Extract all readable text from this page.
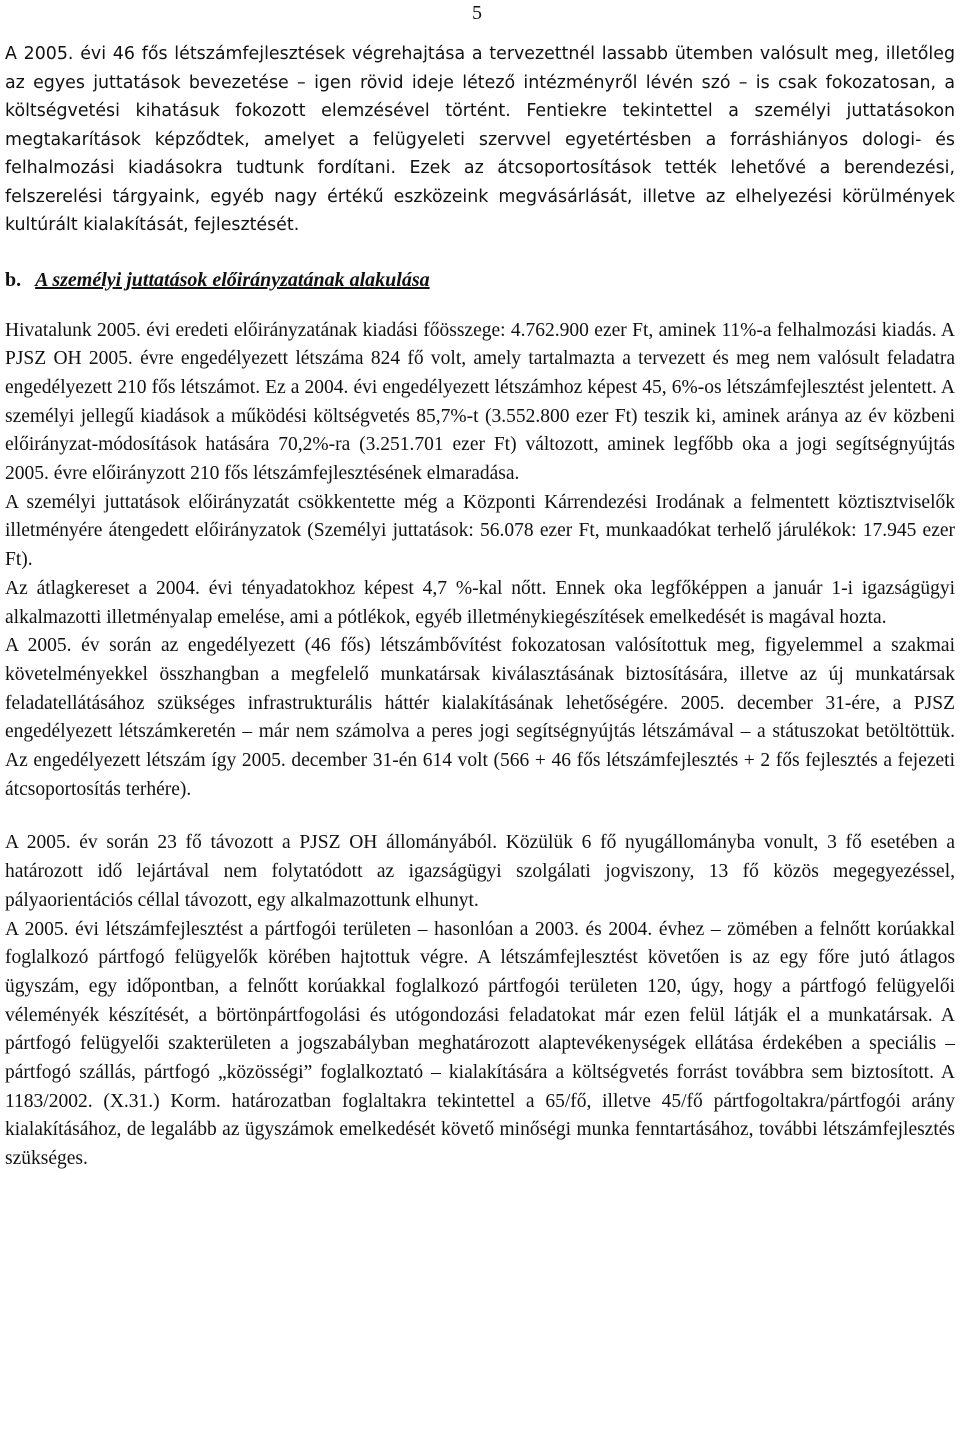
5

A 2005. évi 46 fős létszámfejlesztések végrehajtása a tervezettnél lassabb ütemben valósult meg, illetőleg az egyes juttatások bevezetése – igen rövid ideje létező intézményről lévén szó – is csak fokozatosan, a költségvetési kihatásuk fokozott elemzésével történt. Fentiekre tekintettel a személyi juttatásokon megtakarítások képződtek, amelyet a felügyeleti szervvel egyetértésben a forráshiányos dologi- és felhalmozási kiadásokra tudtunk fordítani. Ezek az átcsoportosítások tették lehetővé a berendezési, felszerelési tárgyaink, egyéb nagy értékű eszközeink megvásárlását, illetve az elhelyezési körülmények kultúrált kialakítását, fejlesztését.

b. A személyi juttatások előirányzatának alakulása

Hivatalunk 2005. évi eredeti előirányzatának kiadási főösszege: 4.762.900 ezer Ft, aminek 11%-a felhalmozási kiadás. A PJSZ OH 2005. évre engedélyezett létszáma 824 fő volt, amely tartalmazta a tervezett és meg nem valósult feladatra engedélyezett 210 fős létszámot. Ez a 2004. évi engedélyezett létszámhoz képest 45, 6%-os létszámfejlesztést jelentett. A személyi jellegű kiadások a működési költségvetés 85,7%-t (3.552.800 ezer Ft) teszik ki, aminek aránya az év közbeni előirányzat-módosítások hatására 70,2%-ra (3.251.701 ezer Ft) változott, aminek legfőbb oka a jogi segítségnyújtás 2005. évre előirányzott 210 fős létszámfejlesztésének elmaradása.

A személyi juttatások előirányzatát csökkentette még a Központi Kárrendezési Irodának a felmentett köztisztviselők illetményére átengedett előirányzatok (Személyi juttatások: 56.078 ezer Ft, munkaadókat terhelő járulékok: 17.945 ezer Ft).

Az átlagkereset a 2004. évi tényadatokhoz képest 4,7 %-kal nőtt. Ennek oka legfőképpen a január 1-i igazságügyi alkalmazotti illetményalap emelése, ami a pótlékok, egyéb illetménykiegészítések emelkedését is magával hozta.

A 2005. év során az engedélyezett (46 fős) létszámbővítést fokozatosan valósítottuk meg, figyelemmel a szakmai követelményekkel összhangban a megfelelő munkatársak kiválasztásának biztosítására, illetve az új munkatársak feladatellátásához szükséges infrastrukturális háttér kialakításának lehetőségére. 2005. december 31-ére, a PJSZ engedélyezett létszámkeretén – már nem számolva a peres jogi segítségnyújtás létszámával – a státuszokat betöltöttük. Az engedélyezett létszám így 2005. december 31-én 614 volt (566 + 46 fős létszámfejlesztés + 2 fős fejlesztés a fejezeti átcsoportosítás terhére).

A 2005. év során 23 fő távozott a PJSZ OH állományából. Közülük 6 fő nyugállományba vonult, 3 fő esetében a határozott idő lejártával nem folytatódott az igazságügyi szolgálati jogviszony, 13 fő közös megegyezéssel, pályaorientációs céllal távozott, egy alkalmazottunk elhunyt.

A 2005. évi létszámfejlesztést a pártfogói területen – hasonlóan a 2003. és 2004. évhez – zömében a felnőtt korúakkal foglalkozó pártfogó felügyelők körében hajtottuk végre. A létszámfejlesztést követően is az egy főre jutó átlagos ügyszám, egy időpontban, a felnőtt korúakkal foglalkozó pártfogói területen 120, úgy, hogy a pártfogó felügyelői véleményék készítését, a börtönpártfogolási és utógondozási feladatokat már ezen felül látják el a munkatársak. A pártfogó felügyelői szakterületen a jogszabályban meghatározott alaptevékenységek ellátása érdekében a speciális – pártfogó szállás, pártfogó „közösségi” foglalkoztató – kialakítására a költségvetés forrást továbbra sem biztosított. A 1183/2002. (X.31.) Korm. határozatban foglaltakra tekintettel a 65/fő, illetve 45/fő pártfogoltakra/pártfogói arány kialakításához, de legalább az ügyszámok emelkedését követő minőségi munka fenntartásához, további létszámfejlesztés szükséges.
